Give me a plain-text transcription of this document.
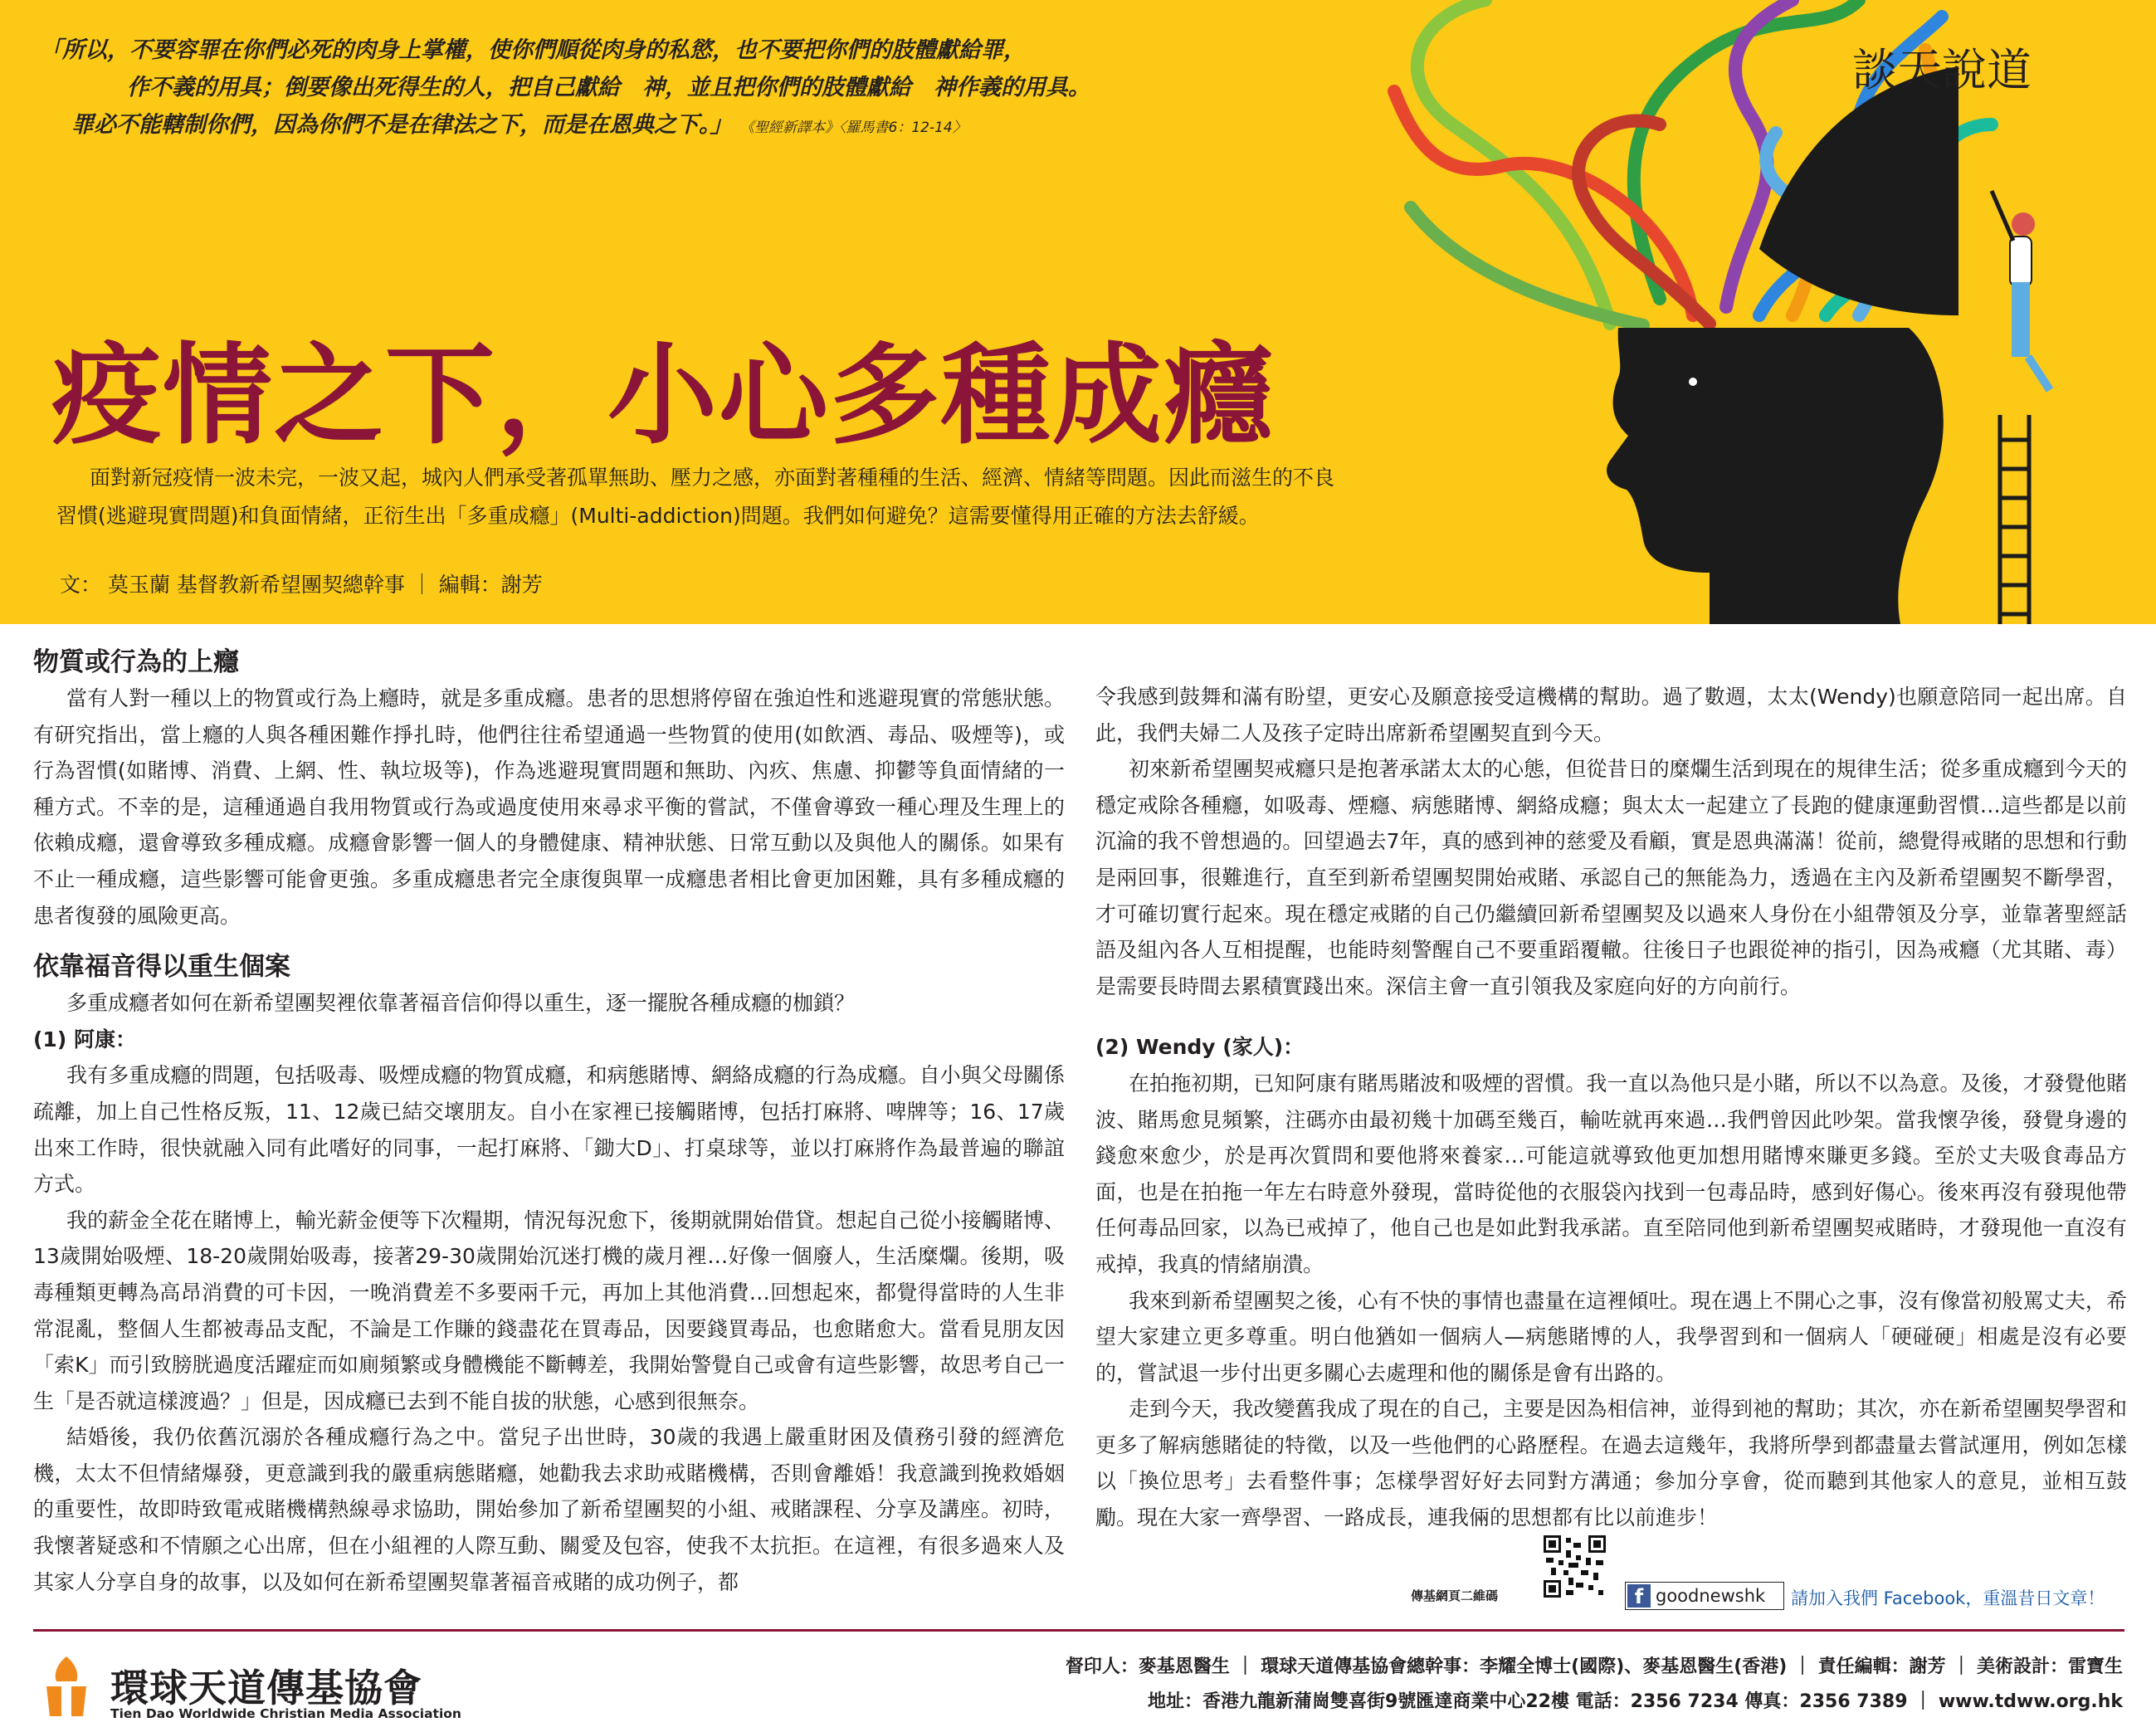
「所以，不要容罪在你們必死的肉身上掌權，使你們順從肉身的私慾，也不要把你們的肢體獻給罪，
作不義的用具；倒要像出死得生的人，把自己獻給　神，並且把你們的肢體獻給　神作義的用具。
罪必不能轄制你們，因為你們不是在律法之下，而是在恩典之下。」 《聖經新譯本》〈羅馬書6：12-14〉
談天說道
疫情之下，小心多種成癮
面對新冠疫情一波未完，一波又起，城內人們承受著孤單無助、壓力之感，亦面對著種種的生活、經濟、情緒等問題。因此而滋生的不良
習慣(逃避現實問題)和負面情緒，正衍生出「多重成癮」(Multi-addiction)問題。我們如何避免？這需要懂得用正確的方法去舒緩。
文： 莫玉蘭 基督教新希望團契總幹事 ｜ 編輯：謝芳
物質或行為的上癮

當有人對一種以上的物質或行為上癮時，就是多重成癮。患者的思想將停留在強迫性和逃避現實的常態狀態。有研究指出，當上癮的人與各種困難作掙扎時，他們往往希望通過一些物質的使用(如飲酒、毒品、吸煙等)，或行為習慣(如賭博、消費、上網、性、執垃圾等)，作為逃避現實問題和無助、內疚、焦慮、抑鬱等負面情緒的一種方式。不幸的是，這種通過自我用物質或行為或過度使用來尋求平衡的嘗試，不僅會導致一種心理及生理上的依賴成癮，還會導致多種成癮。成癮會影響一個人的身體健康、精神狀態、日常互動以及與他人的關係。如果有不止一種成癮，這些影響可能會更強。多重成癮患者完全康復與單一成癮患者相比會更加困難，具有多種成癮的患者復發的風險更高。

依靠福音得以重生個案

多重成癮者如何在新希望團契裡依靠著福音信仰得以重生，逐一擺脫各種成癮的枷鎖？

(1) 阿康：

我有多重成癮的問題，包括吸毒、吸煙成癮的物質成癮，和病態賭博、網絡成癮的行為成癮。自小與父母關係疏離，加上自己性格反叛，11、12歲已結交壞朋友。自小在家裡已接觸賭博，包括打麻將、啤牌等；16、17歲出來工作時，很快就融入同有此嗜好的同事，一起打麻將、「鋤大D」、打桌球等，並以打麻將作為最普遍的聯誼方式。

我的薪金全花在賭博上，輸光薪金便等下次糧期，情況每況愈下，後期就開始借貸。想起自己從小接觸賭博、13歲開始吸煙、18-20歲開始吸毒，接著29-30歲開始沉迷打機的歲月裡…好像一個廢人，生活糜爛。後期，吸毒種類更轉為高昂消費的可卡因，一晚消費差不多要兩千元，再加上其他消費…回想起來，都覺得當時的人生非常混亂，整個人生都被毒品支配，不論是工作賺的錢盡花在買毒品，因要錢買毒品，也愈賭愈大。當看見朋友因「索K」而引致膀胱過度活躍症而如廁頻繁或身體機能不斷轉差，我開始警覺自己或會有這些影響，故思考自己一生「是否就這樣渡過？」但是，因成癮已去到不能自拔的狀態，心感到很無奈。

結婚後，我仍依舊沉溺於各種成癮行為之中。當兒子出世時，30歲的我遇上嚴重財困及債務引發的經濟危機，太太不但情緒爆發，更意識到我的嚴重病態賭癮，她勸我去求助戒賭機構，否則會離婚！我意識到挽救婚姻的重要性，故即時致電戒賭機構熱線尋求協助，開始參加了新希望團契的小組、戒賭課程、分享及講座。初時，我懷著疑惑和不情願之心出席，但在小組裡的人際互動、關愛及包容，使我不太抗拒。在這裡，有很多過來人及其家人分享自身的故事，以及如何在新希望團契靠著福音戒賭的成功例子，都

令我感到鼓舞和滿有盼望，更安心及願意接受這機構的幫助。過了數週，太太(Wendy)也願意陪同一起出席。自此，我們夫婦二人及孩子定時出席新希望團契直到今天。

初來新希望團契戒癮只是抱著承諾太太的心態，但從昔日的糜爛生活到現在的規律生活；從多重成癮到今天的穩定戒除各種癮，如吸毒、煙癮、病態賭博、網絡成癮；與太太一起建立了長跑的健康運動習慣…這些都是以前沉淪的我不曾想過的。回望過去7年，真的感到神的慈愛及看顧，實是恩典滿滿！從前，總覺得戒賭的思想和行動是兩回事，很難進行，直至到新希望團契開始戒賭、承認自己的無能為力，透過在主內及新希望團契不斷學習，才可確切實行起來。現在穩定戒賭的自己仍繼續回新希望團契及以過來人身份在小組帶領及分享，並靠著聖經話語及組內各人互相提醒，也能時刻警醒自己不要重蹈覆轍。往後日子也跟從神的指引，因為戒癮（尤其賭、毒）是需要長時間去累積實踐出來。深信主會一直引領我及家庭向好的方向前行。

(2) Wendy (家人)：

在拍拖初期，已知阿康有賭馬賭波和吸煙的習慣。我一直以為他只是小賭，所以不以為意。及後，才發覺他賭波、賭馬愈見頻繁，注碼亦由最初幾十加碼至幾百，輸咗就再來過…我們曾因此吵架。當我懷孕後，發覺身邊的錢愈來愈少，於是再次質問和要他將來養家…可能這就導致他更加想用賭博來賺更多錢。至於丈夫吸食毒品方面，也是在拍拖一年左右時意外發現，當時從他的衣服袋內找到一包毒品時，感到好傷心。後來再沒有發現他帶任何毒品回家，以為已戒掉了，他自己也是如此對我承諾。直至陪同他到新希望團契戒賭時，才發現他一直沒有戒掉，我真的情緒崩潰。

我來到新希望團契之後，心有不快的事情也盡量在這裡傾吐。現在遇上不開心之事，沒有像當初般罵丈夫，希望大家建立更多尊重。明白他猶如一個病人—病態賭博的人，我學習到和一個病人「硬碰硬」相處是沒有必要的，嘗試退一步付出更多關心去處理和他的關係是會有出路的。

走到今天，我改變舊我成了現在的自己，主要是因為相信神，並得到祂的幫助；其次，亦在新希望團契學習和更多了解病態賭徒的特徵，以及一些他們的心路歷程。在過去這幾年，我將所學到都盡量去嘗試運用，例如怎樣以「換位思考」去看整件事；怎樣學習好好去同對方溝通；參加分享會，從而聽到其他家人的意見，並相互鼓勵。現在大家一齊學習、一路成長，連我倆的思想都有比以前進步！

傳基網頁二維碼	f goodnewshk 請加入我們 Facebook，重溫昔日文章！
環球天道傳基協會
Tien Dao Worldwide Christian Media Association
督印人：麥基恩醫生 ｜ 環球天道傳基協會總幹事：李耀全博士(國際)、麥基恩醫生(香港) ｜ 責任編輯：謝芳 ｜ 美術設計：雷寶生
地址：香港九龍新蒲崗雙喜街9號匯達商業中心22樓 電話：2356 7234 傳真：2356 7389 ｜ www.tdww.org.hk
